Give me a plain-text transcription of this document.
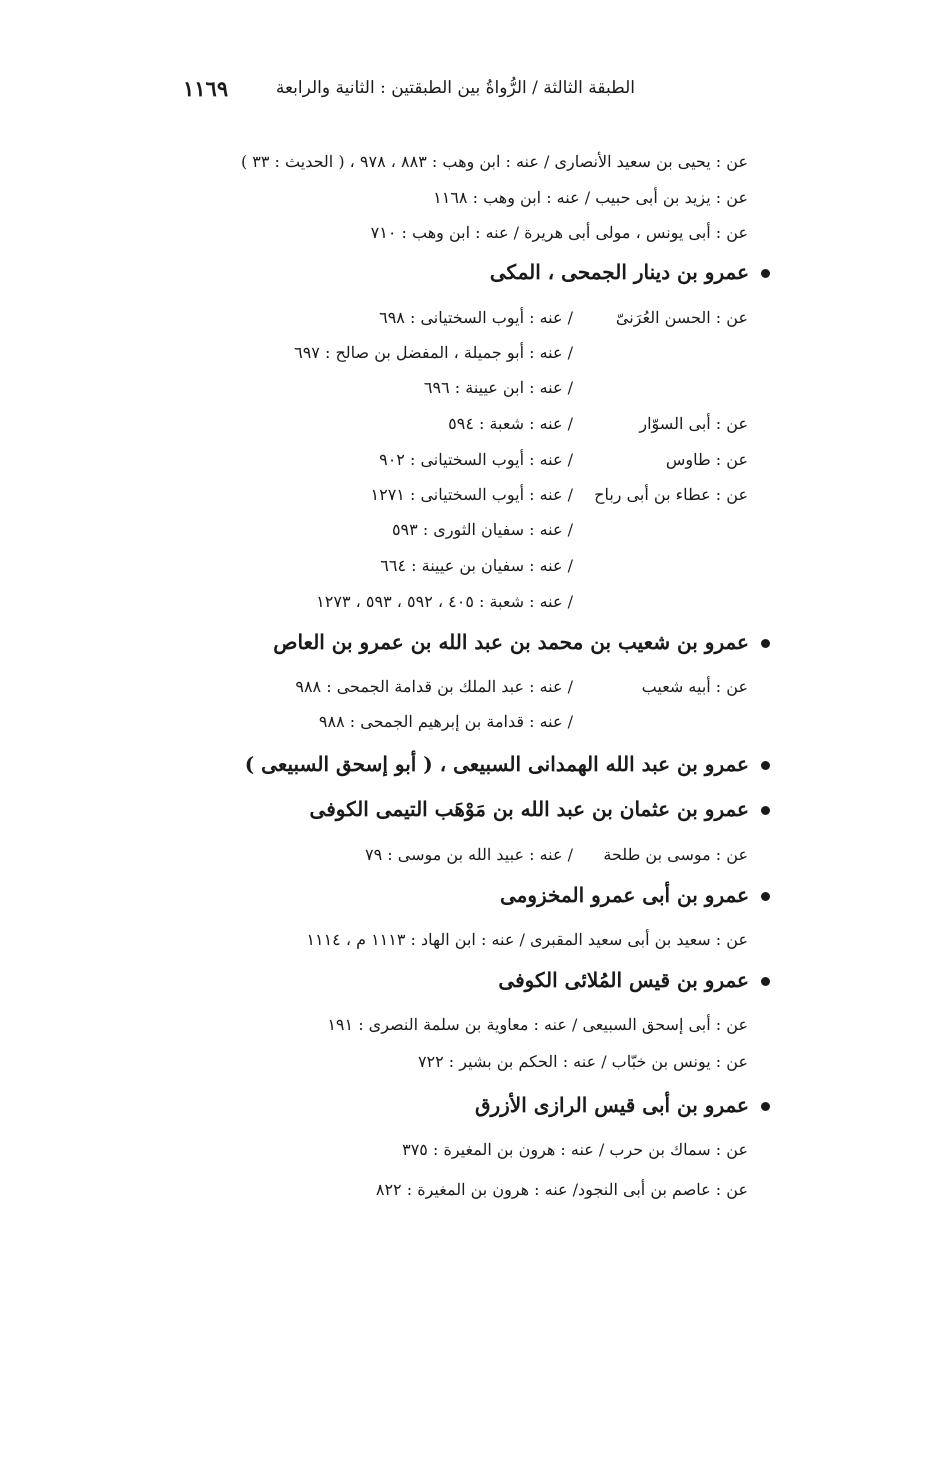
الطبقة الثالثة / الرُّواةُ بين الطبقتين : الثانية والرابعة
١١٦٩
عن : يحيى بن سعيد الأنصارى / عنه : ابن وهب : ٨٨٣ ، ٩٧٨ ، ( الحديث : ٣٣ )
عن : يزيد بن أبى حبيب / عنه : ابن وهب : ١١٦٨
عن : أبى يونس ، مولى أبى هريرة / عنه : ابن وهب : ٧١٠
عمرو بن دينار الجمحى ، المكى
عن : الحسن العُرَنىّ
/ عنه : أيوب السختيانى : ٦٩٨
/ عنه : أبو جميلة ، المفضل بن صالح : ٦٩٧
/ عنه : ابن عيينة : ٦٩٦
عن : أبى السوّار
/ عنه : شعبة : ٥٩٤
عن : طاوس
/ عنه : أيوب السختيانى : ٩٠٢
عن : عطاء بن أبى رباح
/ عنه : أيوب السختيانى : ١٢٧١
/ عنه : سفيان الثورى : ٥٩٣
/ عنه : سفيان بن عيينة : ٦٦٤
/ عنه : شعبة : ٤٠٥ ، ٥٩٢ ، ٥٩٣ ، ١٢٧٣
عمرو بن شعيب بن محمد بن عبد الله بن عمرو بن العاص
عن : أبيه شعيب
/ عنه : عبد الملك بن قدامة الجمحى : ٩٨٨
/ عنه : قدامة بن إبرهيم الجمحى : ٩٨٨
عمرو بن عبد الله الهمدانى السبيعى ، ( أبو إسحق السبيعى )
عمرو بن عثمان بن عبد الله بن مَوْهَب التيمى الكوفى
عن : موسى بن طلحة
/ عنه : عبيد الله بن موسى : ٧٩
عمرو بن أبى عمرو المخزومى
عن : سعيد بن أبى سعيد المقبرى / عنه : ابن الهاد : ١١١٣ م ، ١١١٤
عمرو بن قيس المُلائى الكوفى
عن : أبى إسحق السبيعى / عنه : معاوية بن سلمة النصرى : ١٩١
عن : يونس بن خبّاب / عنه : الحكم بن بشير : ٧٢٢
عمرو بن أبى قيس الرازى الأزرق
عن : سماك بن حرب / عنه : هرون بن المغيرة : ٣٧٥
عن : عاصم بن أبى النجود/ عنه : هرون بن المغيرة : ٨٢٢
